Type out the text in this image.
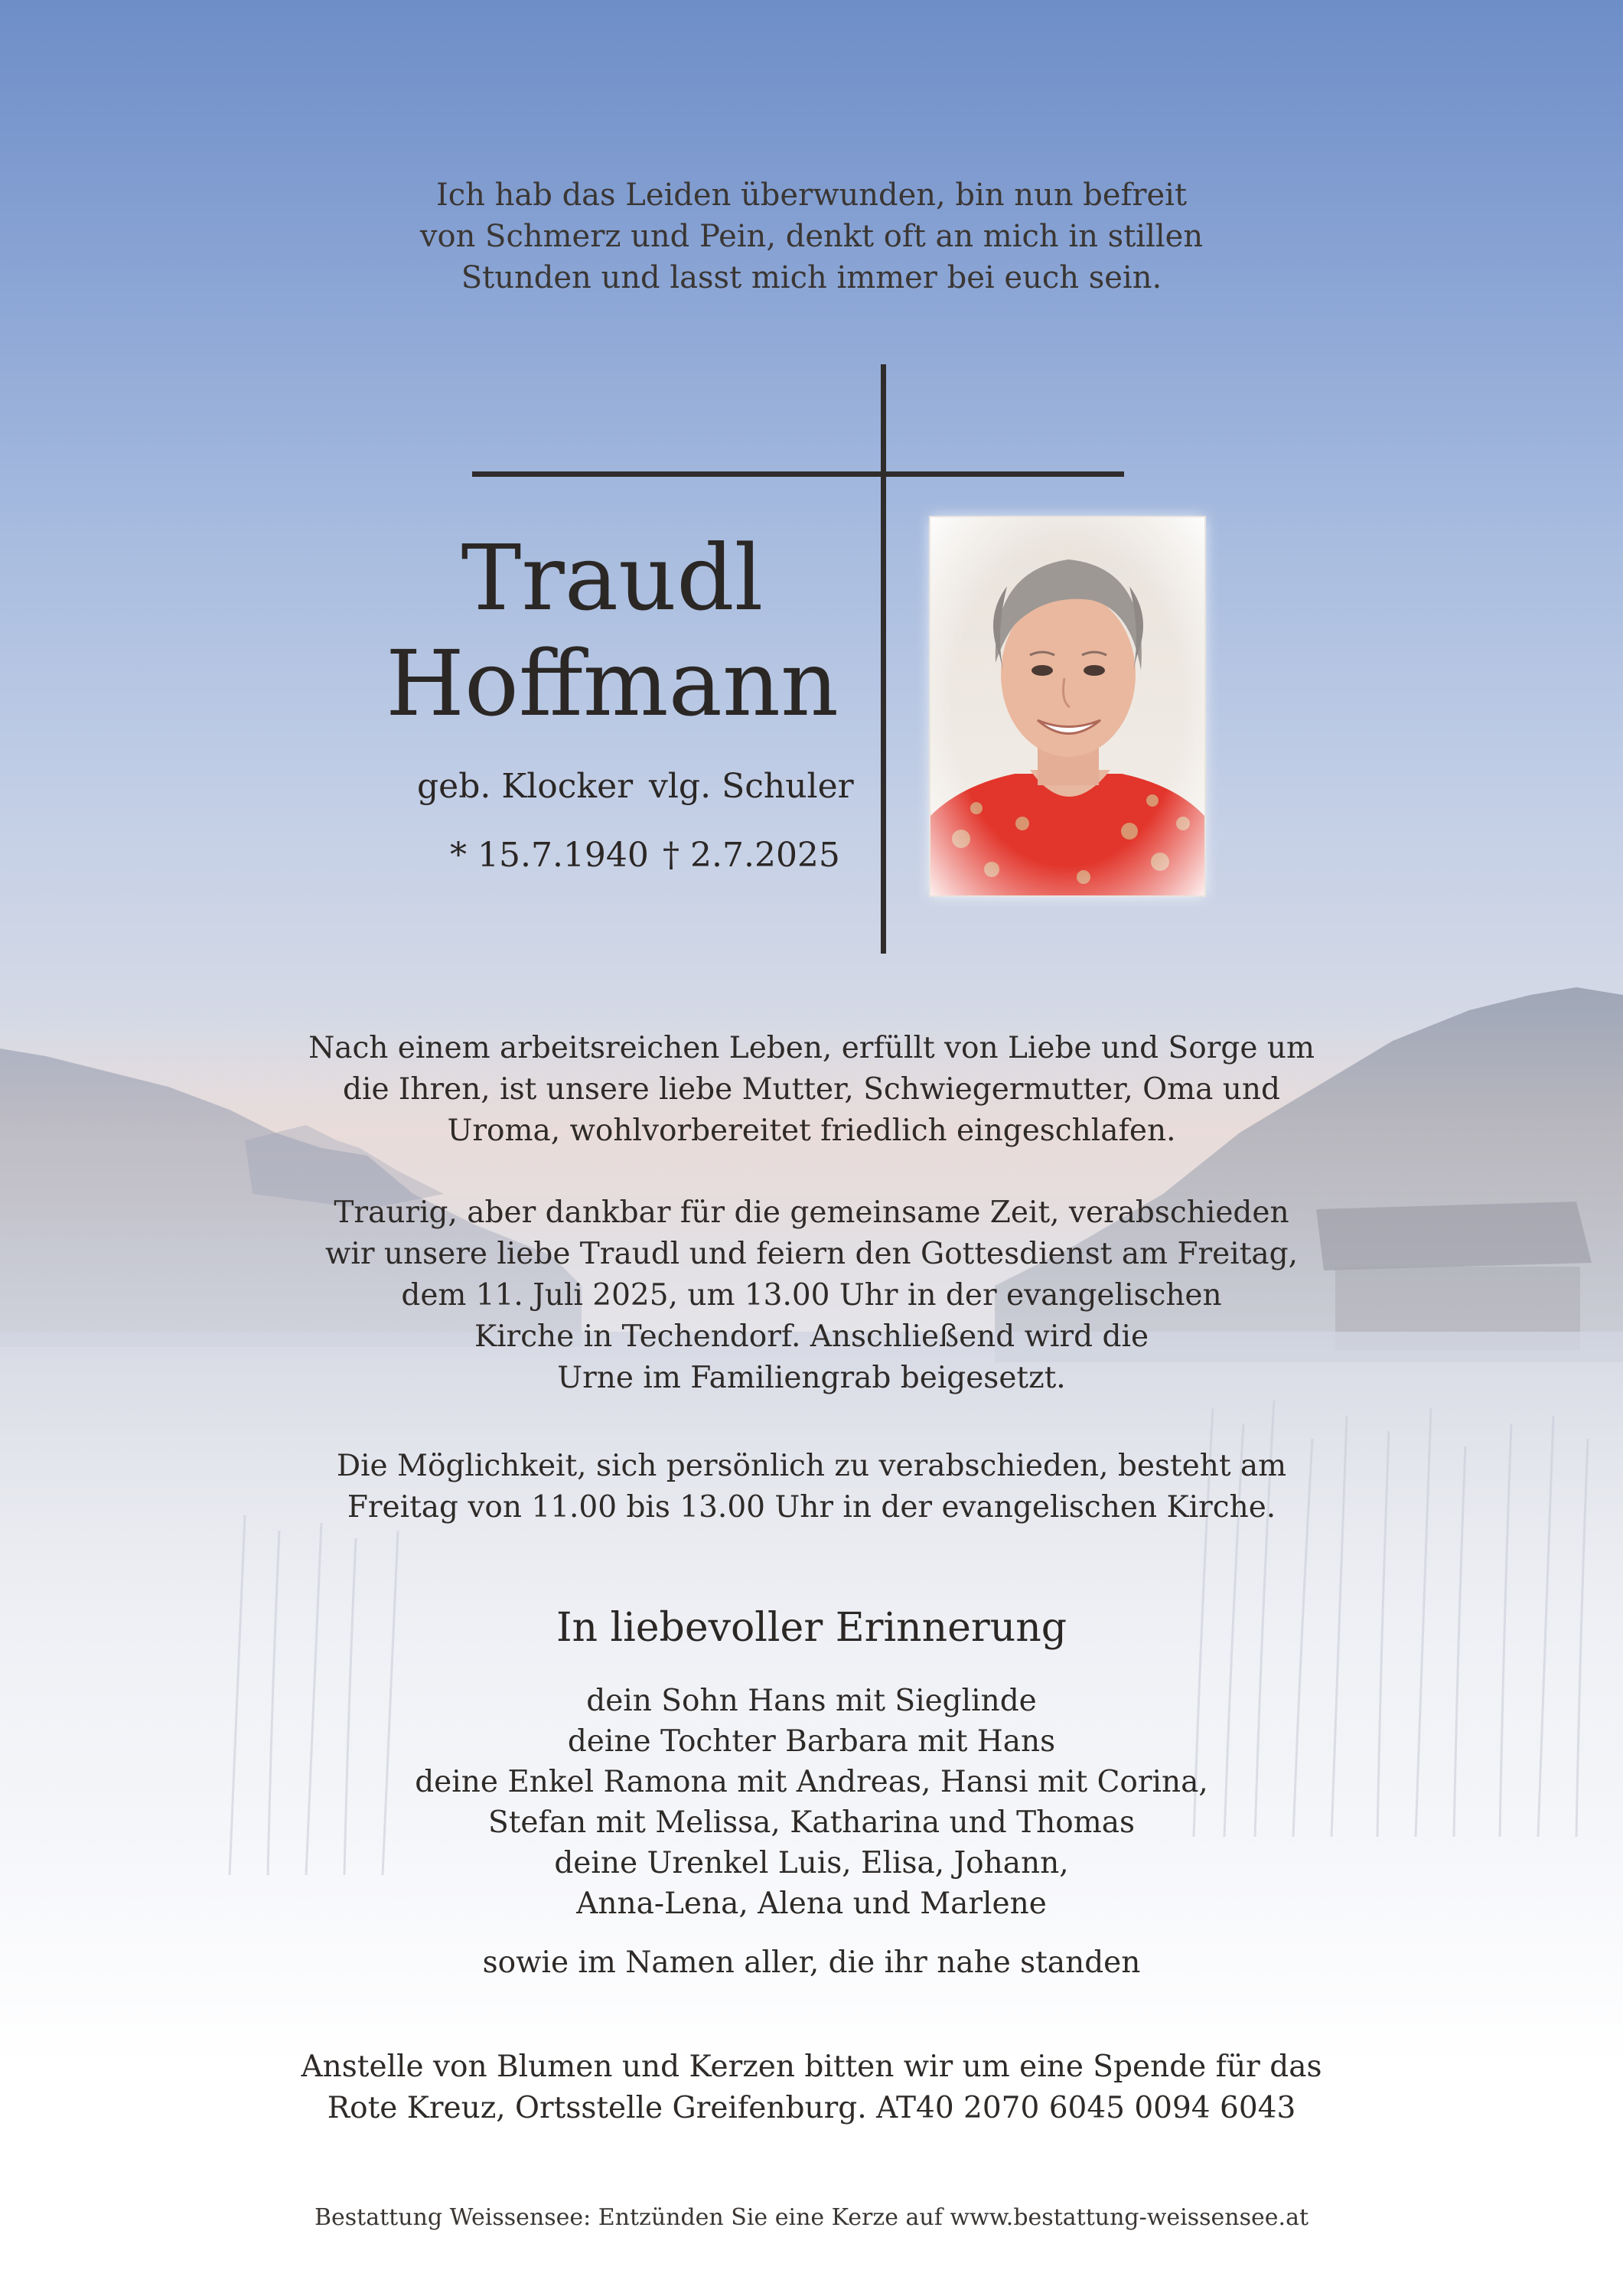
Ich hab das Leiden überwunden, bin nun befreit
von Schmerz und Pein, denkt oft an mich in stillen
Stunden und lasst mich immer bei euch sein.
Traudl
Hoffmann
geb. Klocker vlg. Schuler
* 15.7.1940 † 2.7.2025
Nach einem arbeitsreichen Leben, erfüllt von Liebe und Sorge um
die Ihren, ist unsere liebe Mutter, Schwiegermutter, Oma und
Uroma, wohlvorbereitet friedlich eingeschlafen.
Traurig, aber dankbar für die gemeinsame Zeit, verabschieden
wir unsere liebe Traudl und feiern den Gottesdienst am Freitag,
dem 11. Juli 2025, um 13.00 Uhr in der evangelischen
Kirche in Techendorf. Anschließend wird die
Urne im Familiengrab beigesetzt.
Die Möglichkeit, sich persönlich zu verabschieden, besteht am
Freitag von 11.00 bis 13.00 Uhr in der evangelischen Kirche.
In liebevoller Erinnerung
dein Sohn Hans mit Sieglinde
deine Tochter Barbara mit Hans
deine Enkel Ramona mit Andreas, Hansi mit Corina,
Stefan mit Melissa, Katharina und Thomas
deine Urenkel Luis, Elisa, Johann,
Anna-Lena, Alena und Marlene
sowie im Namen aller, die ihr nahe standen
Anstelle von Blumen und Kerzen bitten wir um eine Spende für das
Rote Kreuz, Ortsstelle Greifenburg. AT40 2070 6045 0094 6043
Bestattung Weissensee: Entzünden Sie eine Kerze auf www.bestattung-weissensee.at
